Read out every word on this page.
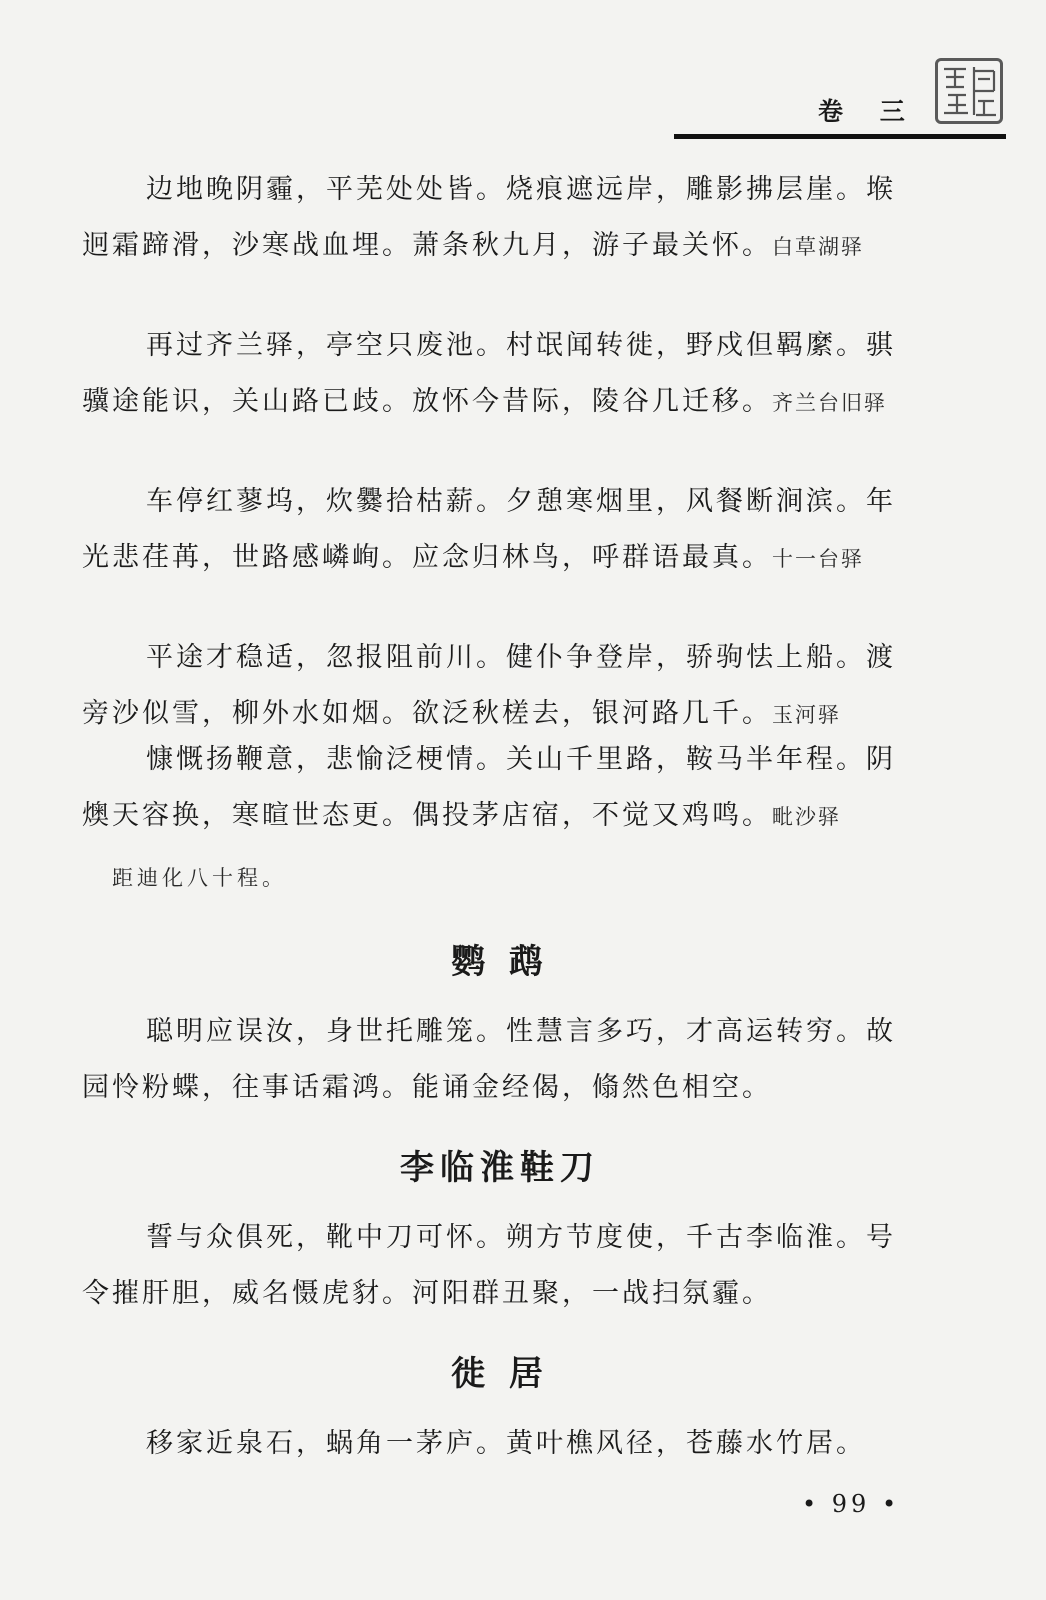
卷 三

边地晚阴霾，平芜处处皆。烧痕遮远岸，雕影拂层崖。堠迥霜蹄滑，沙寒战血埋。萧条秋九月，游子最关怀。白草湖驿

再过齐兰驿，亭空只废池。村氓闻转徙，野戍但羁縻。骐骥途能识，关山路已歧。放怀今昔际，陵谷几迁移。齐兰台旧驿

车停红蓼坞，炊爨拾枯薪。夕憩寒烟里，风餐断涧滨。年光悲荏苒，世路感嶙峋。应念归林鸟，呼群语最真。十一台驿

平途才稳适，忽报阻前川。健仆争登岸，骄驹怯上船。渡旁沙似雪，柳外水如烟。欲泛秋槎去，银河路几千。玉河驿

慷慨扬鞭意，悲愉泛梗情。关山千里路，鞍马半年程。阴燠天容换，寒暄世态更。偶投茅店宿，不觉又鸡鸣。毗沙驿

距迪化八十程。
鹦 鹉

聪明应误汝，身世托雕笼。性慧言多巧，才高运转穷。故园怜粉蝶，往事话霜鸿。能诵金经偈，翛然色相空。

李临淮鞋刀

誓与众俱死，靴中刀可怀。朔方节度使，千古李临淮。号令摧肝胆，威名慑虎豺。河阳群丑聚，一战扫氛霾。

徙 居

移家近泉石，蜗角一茅庐。黄叶樵风径，苍藤水竹居。

• 99 •
